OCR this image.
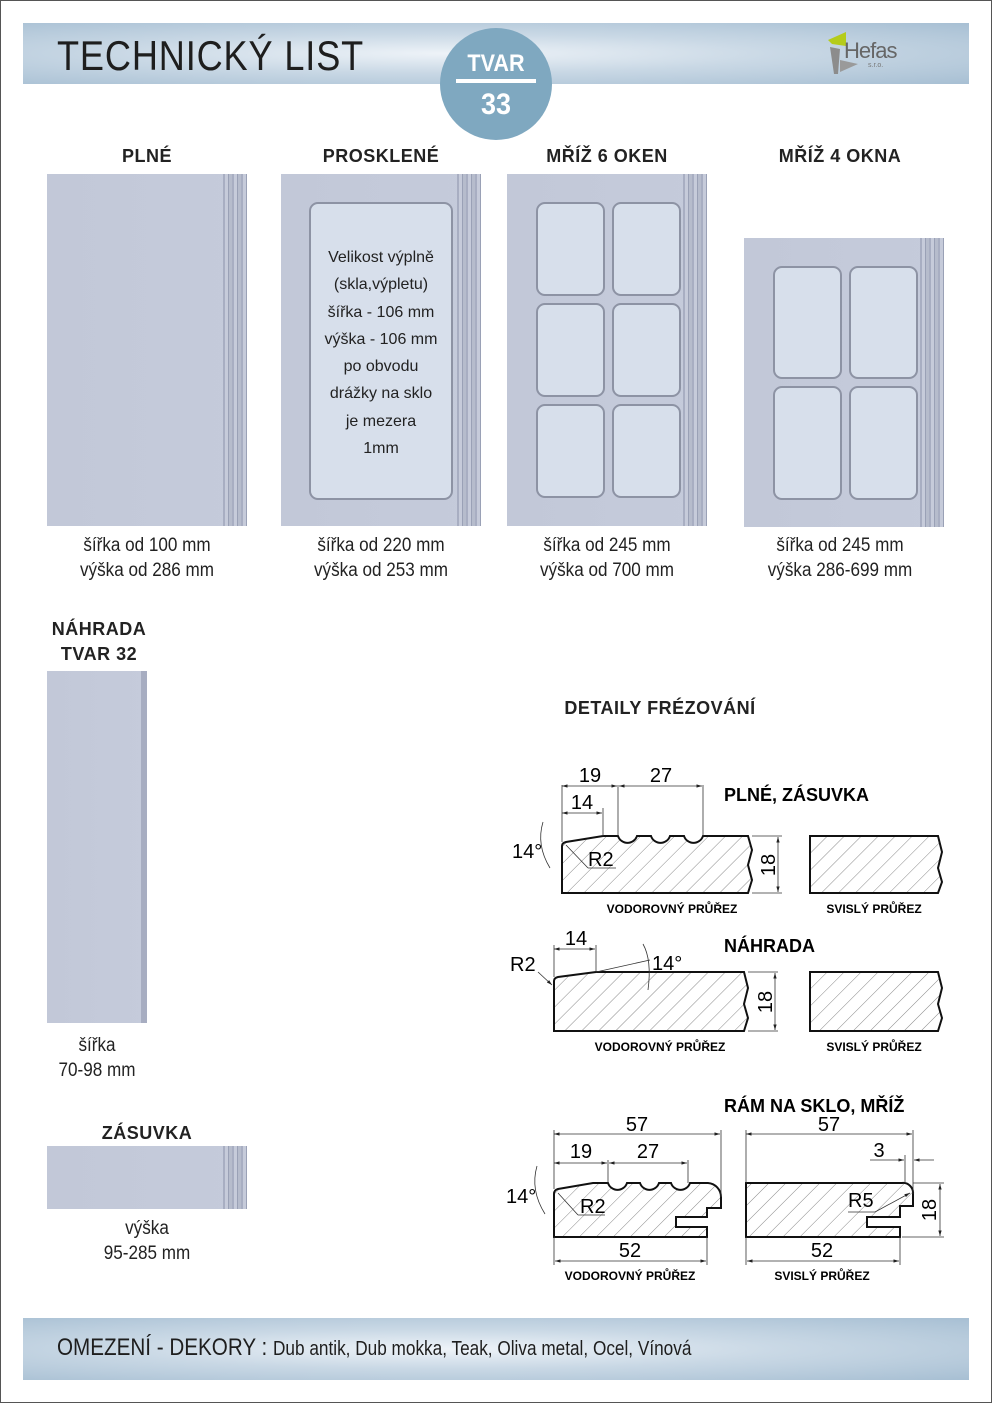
TECHNICKÝ LIST	TVAR
33
Hefas
s.r.o.
PLNÉ	PROSKLENÉ	MŘÍŽ 6 OKEN	MŘÍŽ 4 OKNA
Velikost výplně
(skla,výpletu)
šířka - 106 mm
výška - 106 mm
po obvodu
drážky na sklo
je mezera
1mm
šířka od 100 mm
výška od 286 mm
šířka od 220 mm
výška od 253 mm
šířka od 245 mm
výška od 700 mm
šířka od 245 mm
výška 286-699 mm
NÁHRADA
TVAR 32
šířka
70-98 mm
ZÁSUVKA
výška
95-285 mm
DETAILY FRÉZOVÁNÍ
19 27
14
14° R2	18
VODOROVNÝ PRŮŘEZ	SVISLÝ PRŮŘEZ
PLNÉ, ZÁSUVKA
R2
14
14°
18
VODOROVNÝ PRŮŘEZ	SVISLÝ PRŮŘEZ
NÁHRADA
57
19 27
14° R2
52
VODOROVNÝ PRŮŘEZ
57
3
R5 18
52
SVISLÝ PRŮŘEZ
RÁM NA SKLO, MŘÍŽ
OMEZENÍ - DEKORY : Dub antik, Dub mokka, Teak, Oliva metal, Ocel, Vínová
